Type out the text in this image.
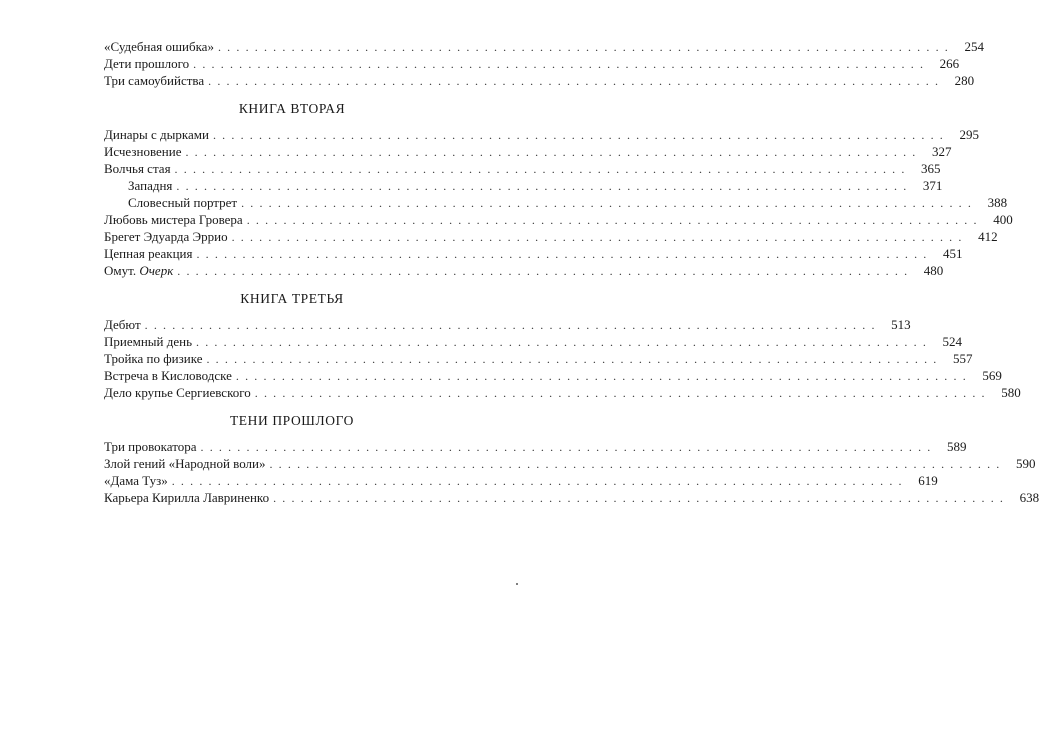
«Судебная ошибка» ................................................................................ 254
Дети прошлого ................................................................................ 266
Три самоубийства ................................................................................ 280
КНИГА ВТОРАЯ
Динары с дырками ................................................................................ 295
Исчезновение ................................................................................ 327
Волчья стая ................................................................................ 365
Западня ................................................................................ 371
Словесный портрет ................................................................................ 388
Любовь мистера Гровера ................................................................................ 400
Брегет Эдуарда Эррио ................................................................................ 412
Цепная реакция ................................................................................ 451
Омут. Очерк ................................................................................ 480
КНИГА ТРЕТЬЯ
Дебют ................................................................................ 513
Приемный день ................................................................................ 524
Тройка по физике ................................................................................ 557
Встреча в Кисловодске ................................................................................ 569
Дело крупье Сергиевского ................................................................................ 580
ТЕНИ ПРОШЛОГО
Три провокатора ................................................................................ 589
Злой гений «Народной воли» ................................................................................ 590
«Дама Туз» ................................................................................ 619
Карьера Кирилла Лавриненко ................................................................................ 638
